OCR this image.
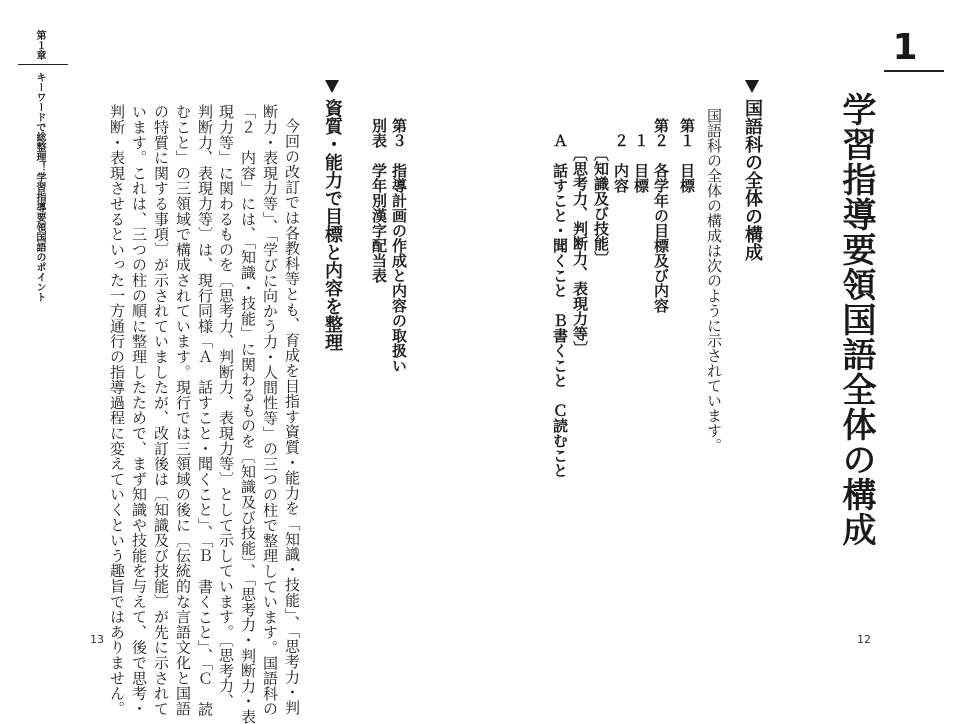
1
学習指導要領国語全体の構成
国語科の全体の構成
国語科の全体の構成は次のように示されています。
第１　目標
第２　各学年の目標及び内容
１　目標
２　内容
〔知識及び技能〕
〔思考力、判断力、表現力等〕
Ａ　話すこと・聞くこと　Ｂ書くこと　Ｃ読むこと
第３　指導計画の作成と内容の取扱い
別表　学年別漢字配当表
資質・能力で目標と内容を整理
今回の改訂では各教科等とも、育成を目指す資質・能力を「知識・技能」、「思考力・判
断力・表現力等」、「学びに向かう力・人間性等」の三つの柱で整理しています。国語科の
「２　内容」には、「知識・技能」に関わるものを〔知識及び技能〕、「思考力・判断力・表
現力等」に関わるものを〔思考力、判断力、表現力等〕として示しています。〔思考力、
判断力、表現力等〕は、現行同様「Ａ　話すこと・聞くこと」、「Ｂ　書くこと」、「Ｃ　読
むこと」の三領域で構成されています。現行では三領域の後に〔伝統的な言語文化と国語
の特質に関する事項〕が示されていましたが、改訂後は〔知識及び技能〕が先に示されて
います。これは、三つの柱の順に整理したためで、まず知識や技能を与えて、後で思考・
判断・表現させるといった一方通行の指導過程に変えていくという趣旨ではありません。
第１章
キーワードで総整理！学習指導要領国語のポイント
13	12
